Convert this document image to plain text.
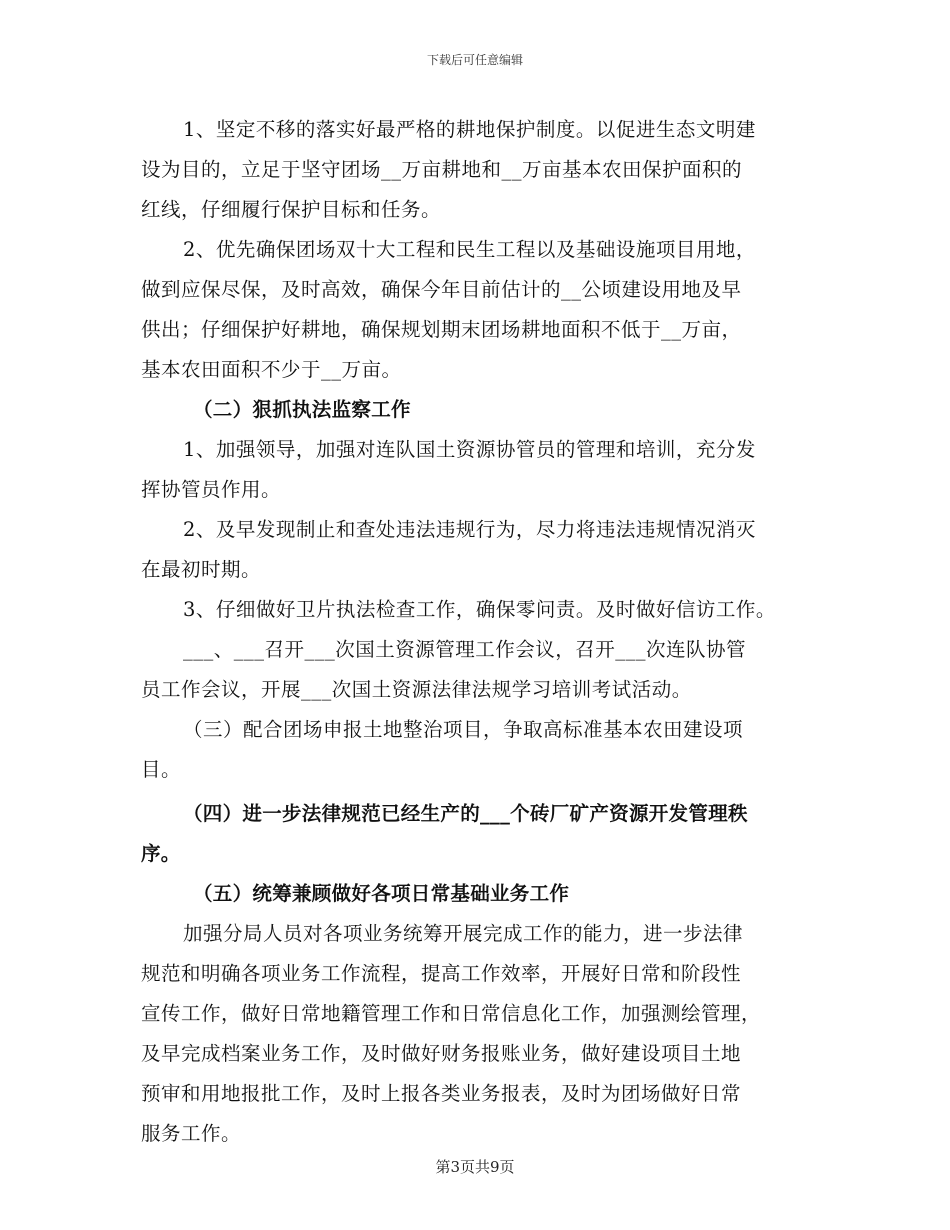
下载后可任意编辑
1、坚定不移的落实好最严格的耕地保护制度。以促进生态文明建
设为目的，立足于坚守团场__万亩耕地和__万亩基本农田保护面积的
红线，仔细履行保护目标和任务。
2、优先确保团场双十大工程和民生工程以及基础设施项目用地，
做到应保尽保，及时高效，确保今年目前估计的__公顷建设用地及早
供出；仔细保护好耕地，确保规划期末团场耕地面积不低于__万亩，
基本农田面积不少于__万亩。
（二）狠抓执法监察工作
1、加强领导，加强对连队国土资源协管员的管理和培训，充分发
挥协管员作用。
2、及早发现制止和查处违法违规行为，尽力将违法违规情况消灭
在最初时期。
3、仔细做好卫片执法检查工作，确保零问责。及时做好信访工作。
___、___召开___次国土资源管理工作会议，召开___次连队协管
员工作会议，开展___次国土资源法律法规学习培训考试活动。
（三）配合团场申报土地整治项目，争取高标准基本农田建设项
目。
（四）进一步法律规范已经生产的___个砖厂矿产资源开发管理秩
序。
（五）统筹兼顾做好各项日常基础业务工作
加强分局人员对各项业务统筹开展完成工作的能力，进一步法律
规范和明确各项业务工作流程，提高工作效率，开展好日常和阶段性
宣传工作，做好日常地籍管理工作和日常信息化工作，加强测绘管理，
及早完成档案业务工作，及时做好财务报账业务，做好建设项目土地
预审和用地报批工作，及时上报各类业务报表，及时为团场做好日常
服务工作。
第3页共9页
